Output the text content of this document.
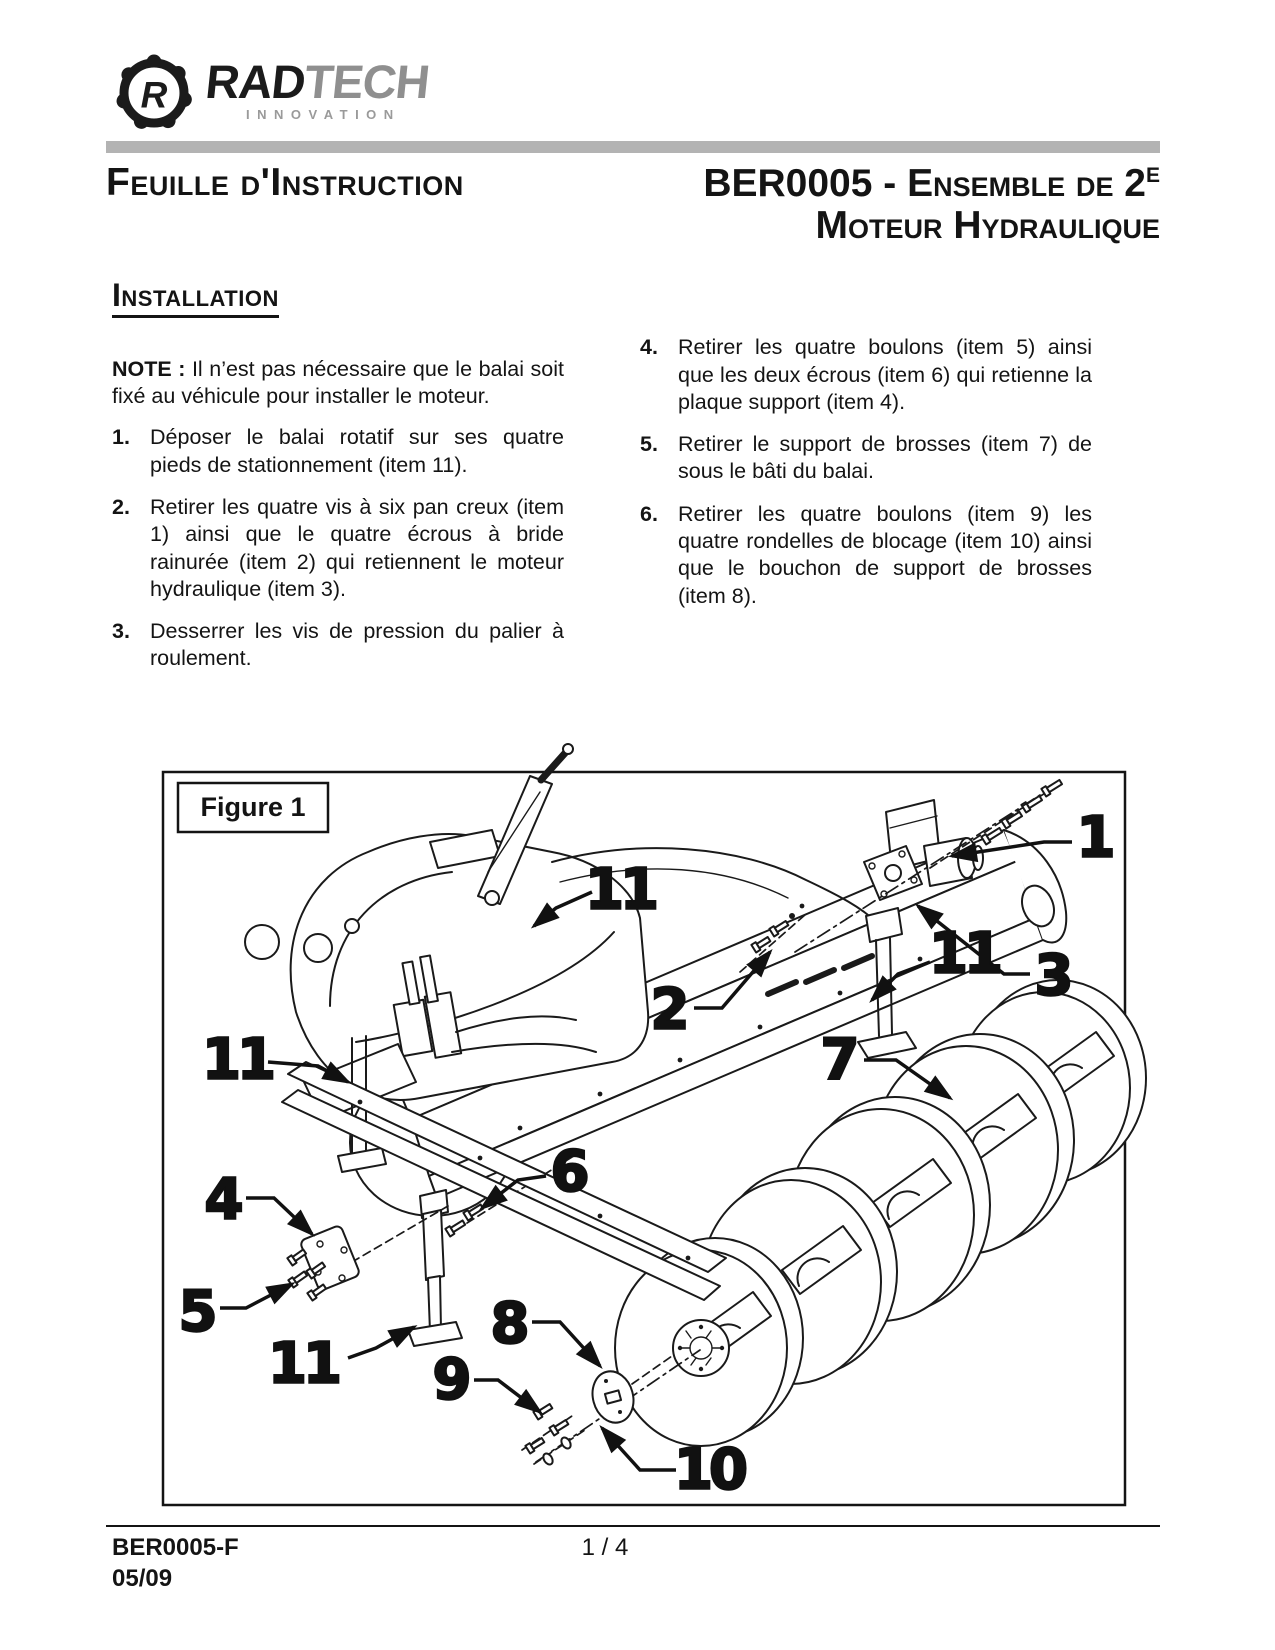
R RADTECH
INNOVATION
Feuille d'Instruction	BER0005 - Ensemble de $2^E$
Moteur Hydraulique
Installation

NOTE : Il n’est pas nécessaire que le balai soit fixé au véhicule pour installer le moteur.

1. Déposer le balai rotatif sur ses quatre pieds de stationnement (item 11).

2. Retirer les quatre vis à six pan creux (item 1) ainsi que le quatre écrous à bride rainurée (item 2) qui retiennent le moteur hydraulique (item 3).

3. Desserrer les vis de pression du palier à roulement.

4. Retirer les quatre boulons (item 5) ainsi que les deux écrous (item 6) qui retienne la plaque support (item 4).

5. Retirer le support de brosses (item 7) de sous le bâti du balai.

6. Retirer les quatre boulons (item 9) les quatre rondelles de blocage (item 10) ainsi que le bouchon de support de brosses (item 8).

Figure 1	1
3
11
11
2
11
6
7
4
5
11
8
9
10
BER0005-F
05/09
1 / 4
